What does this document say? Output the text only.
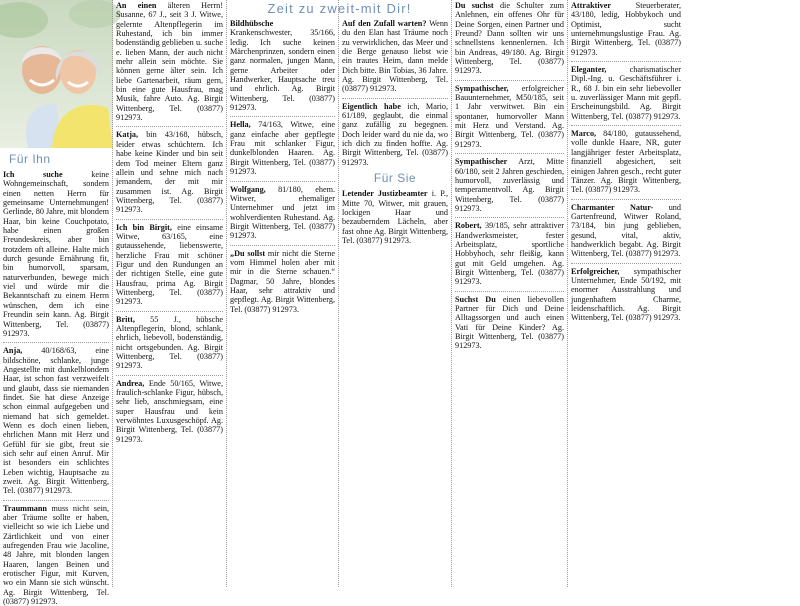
Zeit zu zweit-mit Dir!
Für Ihn

Ich suche keine Wohngemeinschaft, sondern einen netten Herrn für gemeinsame Unternehmungen! Gerlinde, 80 Jahre, mit blondem Haar, bin keine Couchpotato, habe einen großen Freundeskreis, aber bin trotzdem oft alleine. Halte mich durch gesunde Ernährung fit, bin humorvoll, sparsam, naturverbunden, bewege mich viel und würde mir die Bekanntschaft zu einem Herrn wünschen, dem ich eine Freundin sein kann. Ag. Birgit Wittenberg, Tel. (03877) 912973.

Anja, 40/168/63, eine bildschöne, schlanke, junge Angestellte mit dunkelblondem Haar, ist schon fast verzweifelt und glaubt, dass sie niemanden findet. Sie hat diese Anzeige schon einmal aufgegeben und niemand hat sich gemeldet. Wenn es doch einen lieben, ehrlichen Mann mit Herz und Gefühl für sie gibt, freut sie sich sehr auf einen Anruf. Mir ist besonders ein schlichtes Leben wichtig, Hauptsache zu zweit. Ag. Birgit Wittenberg, Tel. (03877) 912973.

Traummann muss nicht sein, aber Träume sollte er haben, vielleicht so wie ich Liebe und Zärtlichkeit und von einer aufregenden Frau wie Jacoline, 48 Jahre, mit blonden langen Haaren, langen Beinen und erotischer Figur, mit Kurven, wo ein Mann sie sich wünscht. Ag. Birgit Wittenberg, Tel. (03877) 912973.

An einen älteren Herrn! Susanne, 67 J., seit 3 J. Witwe, gelernte Altenpflegerin im Ruhestand, ich bin immer bodenständig geblieben u. suche e. lieben Mann, der auch nicht mehr allein sein möchte. Sie können gerne älter sein. Ich liebe Gartenarbeit, räum gern, bin eine gute Hausfrau, mag Musik, fahre Auto. Ag. Birgit Wittenberg, Tel. (03877) 912973.

Katja, bin 43/168, hübsch, leider etwas schüchtern. Ich habe keine Kinder und bin seit dem Tod meiner Eltern ganz allein und sehne mich nach jemandem, der mit mir zusammen ist. Ag. Birgit Wittenberg, Tel. (03877) 912973.

Ich bin Birgit, eine einsame Witwe, 63/165, eine gutaussehende, liebenswerte, herzliche Frau mit schöner Figur und den Rundungen an der richtigen Stelle, eine gute Hausfrau, prima Ag. Birgit Wittenberg, Tel. (03877) 912973.

Britt, 55 J., hübsche Altenpflegerin, blond, schlank, ehrlich, liebevoll, bodenständig, nicht ortsgebunden. Ag. Birgit Wittenberg, Tel. (03877) 912973.

Andrea, Ende 50/165, Witwe, fraulich-schlanke Figur, hübsch, sehr lieb, anschmiegsam, eine super Hausfrau und kein verwöhntes Luxusgeschöpf. Ag. Birgit Wittenberg, Tel. (03877) 912973.

Bildhübsche Krankenschwester, 35/166, ledig. Ich suche keinen Märchenprinzen, sondern einen ganz normalen, jungen Mann, gerne Arbeiter oder Handwerker, Hauptsache treu und ehrlich. Ag. Birgit Wittenberg, Tel. (03877) 912973.

Hella, 74/163, Witwe, eine ganz einfache aber gepflegte Frau mit schlanker Figur, dunkelblonden Haaren. Ag. Birgit Wittenberg, Tel. (03877) 912973.

Wolfgang, 81/180, ehem. Witwer, ehemaliger Unternehmer und jetzt im wohlverdienten Ruhestand. Ag. Birgit Wittenberg, Tel. (03877) 912973.

„Du sollst mir nicht die Sterne vom Himmel holen aber mit mir in die Sterne schauen.“ Dagmar, 50 Jahre, blondes Haar, sehr attraktiv und gepflegt. Ag. Birgit Wittenberg, Tel. (03877) 912973.

Auf den Zufall warten? Wenn du den Elan hast Träume noch zu verwirklichen, das Meer und die Berge genauso liebst wie ein trautes Heim, dann melde Dich bitte. Bin Tobias, 36 Jahre. Ag. Birgit Wittenberg, Tel. (03877) 912973.

Eigentlich habe ich, Mario, 61/189, geglaubt, die einmal ganz zufällig zu begegnen. Doch leider ward du nie da, wo ich dich zu finden hoffte. Ag. Birgit Wittenberg, Tel. (03877) 912973.

Für Sie

Letender Justizbeamter i. P., Mitte 70, Witwer, mit grauen, lockigen Haar und bezauberndem Lächeln, aber fast ohne Ag. Birgit Wittenberg, Tel. (03877) 912973.

Du suchst die Schulter zum Anlehnen, ein offenes Ohr für Deine Sorgen, einen Partner und Freund? Dann sollten wir uns schnellstens kennenlernen. Ich bin Andreas, 49/180. Ag. Birgit Wittenberg, Tel. (03877) 912973.

Sympathischer, erfolgreicher Bauunternehmer, M50/185, seit 1 Jahr verwitwet. Bin ein spontaner, humorvoller Mann mit Herz und Verstand. Ag. Birgit Wittenberg, Tel. (03877) 912973.

Sympathischer Arzt, Mitte 60/180, seit 2 Jahren geschieden, humorvoll, zuverlässig und temperamentvoll. Ag. Birgit Wittenberg, Tel. (03877) 912973.

Robert, 39/185, sehr attraktiver Handwerksmeister, fester Arbeitsplatz, sportliche Hobbyhoch, sehr fleißig, kann gut mit Geld umgehen. Ag. Birgit Wittenberg, Tel. (03877) 912973.

Suchst Du einen liebevollen Partner für Dich und Deine Alltagssorgen und auch einen Vati für Deine Kinder? Ag. Birgit Wittenberg, Tel. (03877) 912973.

Attraktiver Steuerberater, 43/180, ledig, Hobbykoch und Optimist, sucht unternehmungslustige Frau. Ag. Birgit Wittenberg, Tel. (03877) 912973.

Eleganter, charismatischer Dipl.-Ing. u. Geschäftsführer i. R., 68 J. bin ein sehr liebevoller u. zuverlässiger Mann mit gepfl. Erscheinungsbild. Ag. Birgit Wittenberg, Tel. (03877) 912973.

Marco, 84/180, gutaussehend, volle dunkle Haare, NR, guter langjähriger fester Arbeitsplatz, finanziell abgesichert, seit einigen Jahren gesch., recht guter Tänzer. Ag. Birgit Wittenberg, Tel. (03877) 912973.

Charmanter Natur- und Gartenfreund, Witwer Roland, 73/184, bin jung geblieben, gesund, vital, aktiv, handwerklich begabt. Ag. Birgit Wittenberg, Tel. (03877) 912973.

Erfolgreicher, sympathischer Unternehmer, Ende 50/192, mit enormer Ausstrahlung und jungenhaftem Charme, leidenschaftlich. Ag. Birgit Wittenberg, Tel. (03877) 912973.
